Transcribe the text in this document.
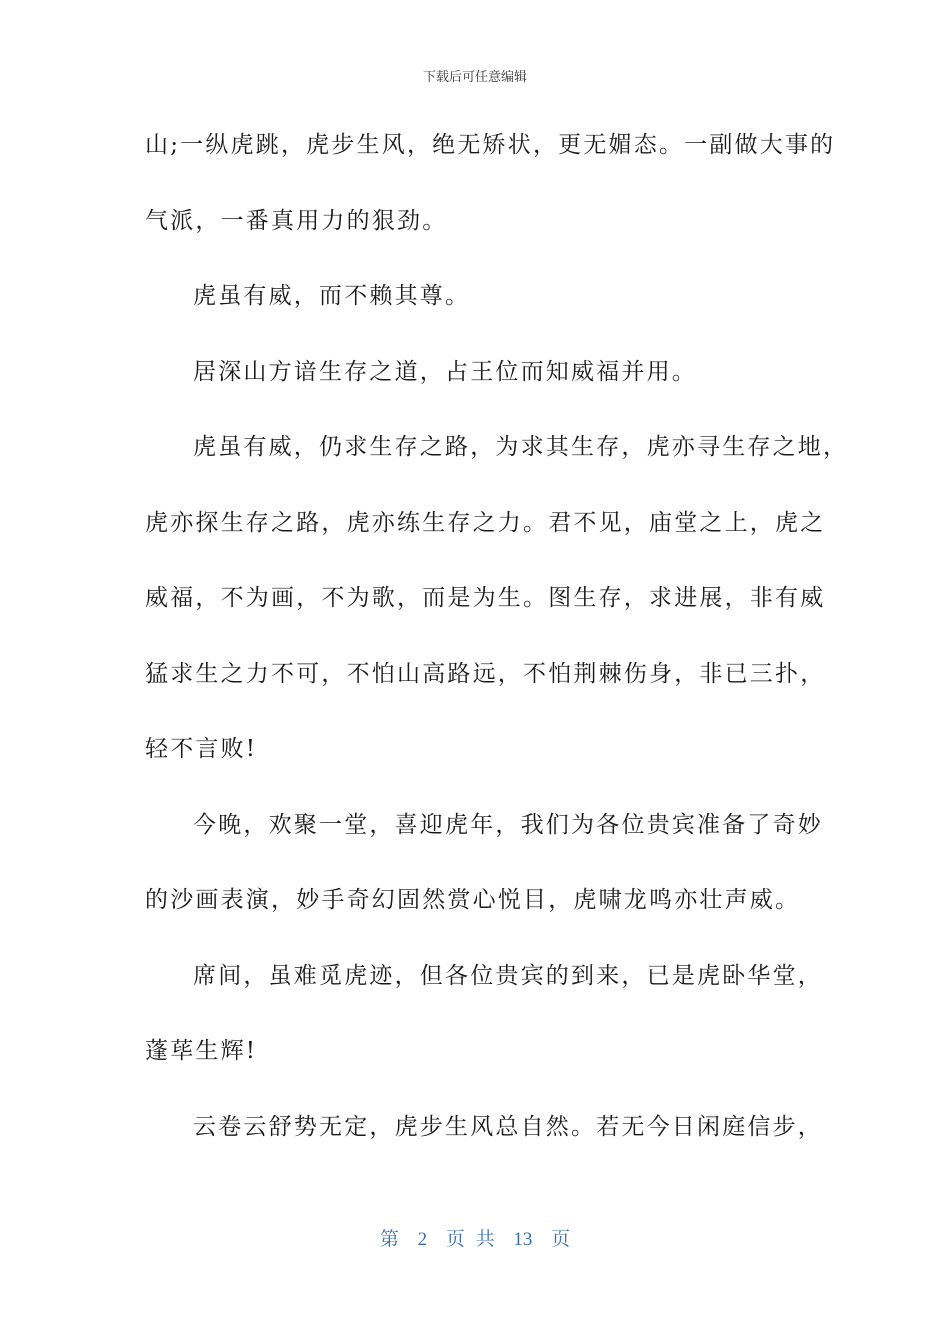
下载后可任意编辑
山;一纵虎跳，虎步生风，绝无矫状，更无媚态。一副做大事的
气派，一番真用力的狠劲。
虎虽有威，而不赖其尊。
居深山方谙生存之道，占王位而知威福并用。
虎虽有威，仍求生存之路，为求其生存，虎亦寻生存之地，
虎亦探生存之路，虎亦练生存之力。君不见，庙堂之上，虎之
威福，不为画，不为歌，而是为生。图生存，求进展，非有威
猛求生之力不可，不怕山高路远，不怕荆棘伤身，非已三扑，
轻不言败!
今晚，欢聚一堂，喜迎虎年，我们为各位贵宾准备了奇妙
的沙画表演，妙手奇幻固然赏心悦目，虎啸龙鸣亦壮声威。
席间，虽难觅虎迹，但各位贵宾的到来，已是虎卧华堂，
蓬荜生辉!
云卷云舒势无定，虎步生风总自然。若无今日闲庭信步，
第 2 页 共 13 页
